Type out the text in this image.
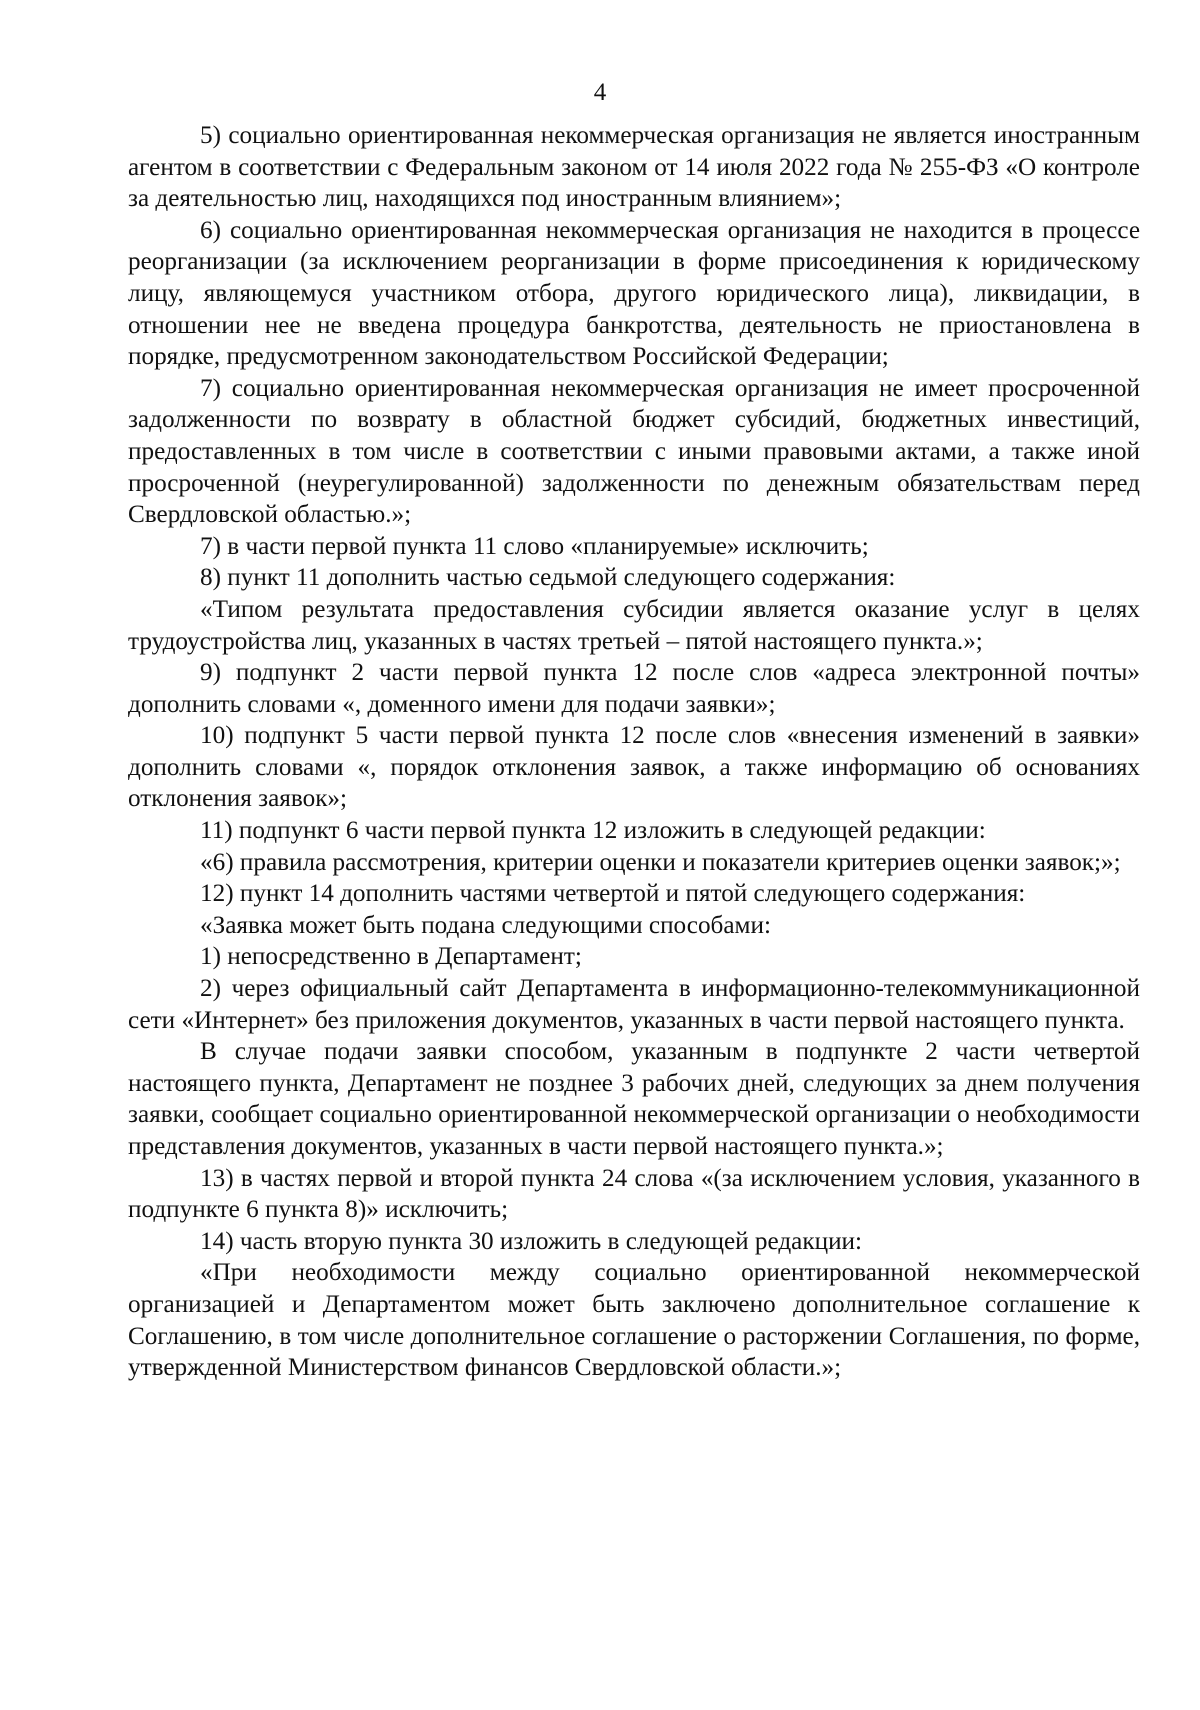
4

5) социально ориентированная некоммерческая организация не является иностранным агентом в соответствии с Федеральным законом от 14 июля 2022 года № 255-ФЗ «О контроле за деятельностью лиц, находящихся под иностранным влиянием»;

6) социально ориентированная некоммерческая организация не находится в процессе реорганизации (за исключением реорганизации в форме присоединения к юридическому лицу, являющемуся участником отбора, другого юридического лица), ликвидации, в отношении нее не введена процедура банкротства, деятельность не приостановлена в порядке, предусмотренном законодательством Российской Федерации;

7) социально ориентированная некоммерческая организация не имеет просроченной задолженности по возврату в областной бюджет субсидий, бюджетных инвестиций, предоставленных в том числе в соответствии с иными правовыми актами, а также иной просроченной (неурегулированной) задолженности по денежным обязательствам перед Свердловской областью.»;

7) в части первой пункта 11 слово «планируемые» исключить;

8) пункт 11 дополнить частью седьмой следующего содержания:

«Типом результата предоставления субсидии является оказание услуг в целях трудоустройства лиц, указанных в частях третьей – пятой настоящего пункта.»;

9) подпункт 2 части первой пункта 12 после слов «адреса электронной почты» дополнить словами «, доменного имени для подачи заявки»;

10) подпункт 5 части первой пункта 12 после слов «внесения изменений в заявки» дополнить словами «, порядок отклонения заявок, а также информацию об основаниях отклонения заявок»;

11) подпункт 6 части первой пункта 12 изложить в следующей редакции:

«6) правила рассмотрения, критерии оценки и показатели критериев оценки заявок;»;

12) пункт 14 дополнить частями четвертой и пятой следующего содержания:

«Заявка может быть подана следующими способами:

1) непосредственно в Департамент;

2) через официальный сайт Департамента в информационно-телекоммуникационной сети «Интернет» без приложения документов, указанных в части первой настоящего пункта.

В случае подачи заявки способом, указанным в подпункте 2 части четвертой настоящего пункта, Департамент не позднее 3 рабочих дней, следующих за днем получения заявки, сообщает социально ориентированной некоммерческой организации о необходимости представления документов, указанных в части первой настоящего пункта.»;

13) в частях первой и второй пункта 24 слова «(за исключением условия, указанного в подпункте 6 пункта 8)» исключить;

14) часть вторую пункта 30 изложить в следующей редакции:

«При необходимости между социально ориентированной некоммерческой организацией и Департаментом может быть заключено дополнительное соглашение к Соглашению, в том числе дополнительное соглашение о расторжении Соглашения, по форме, утвержденной Министерством финансов Свердловской области.»;
